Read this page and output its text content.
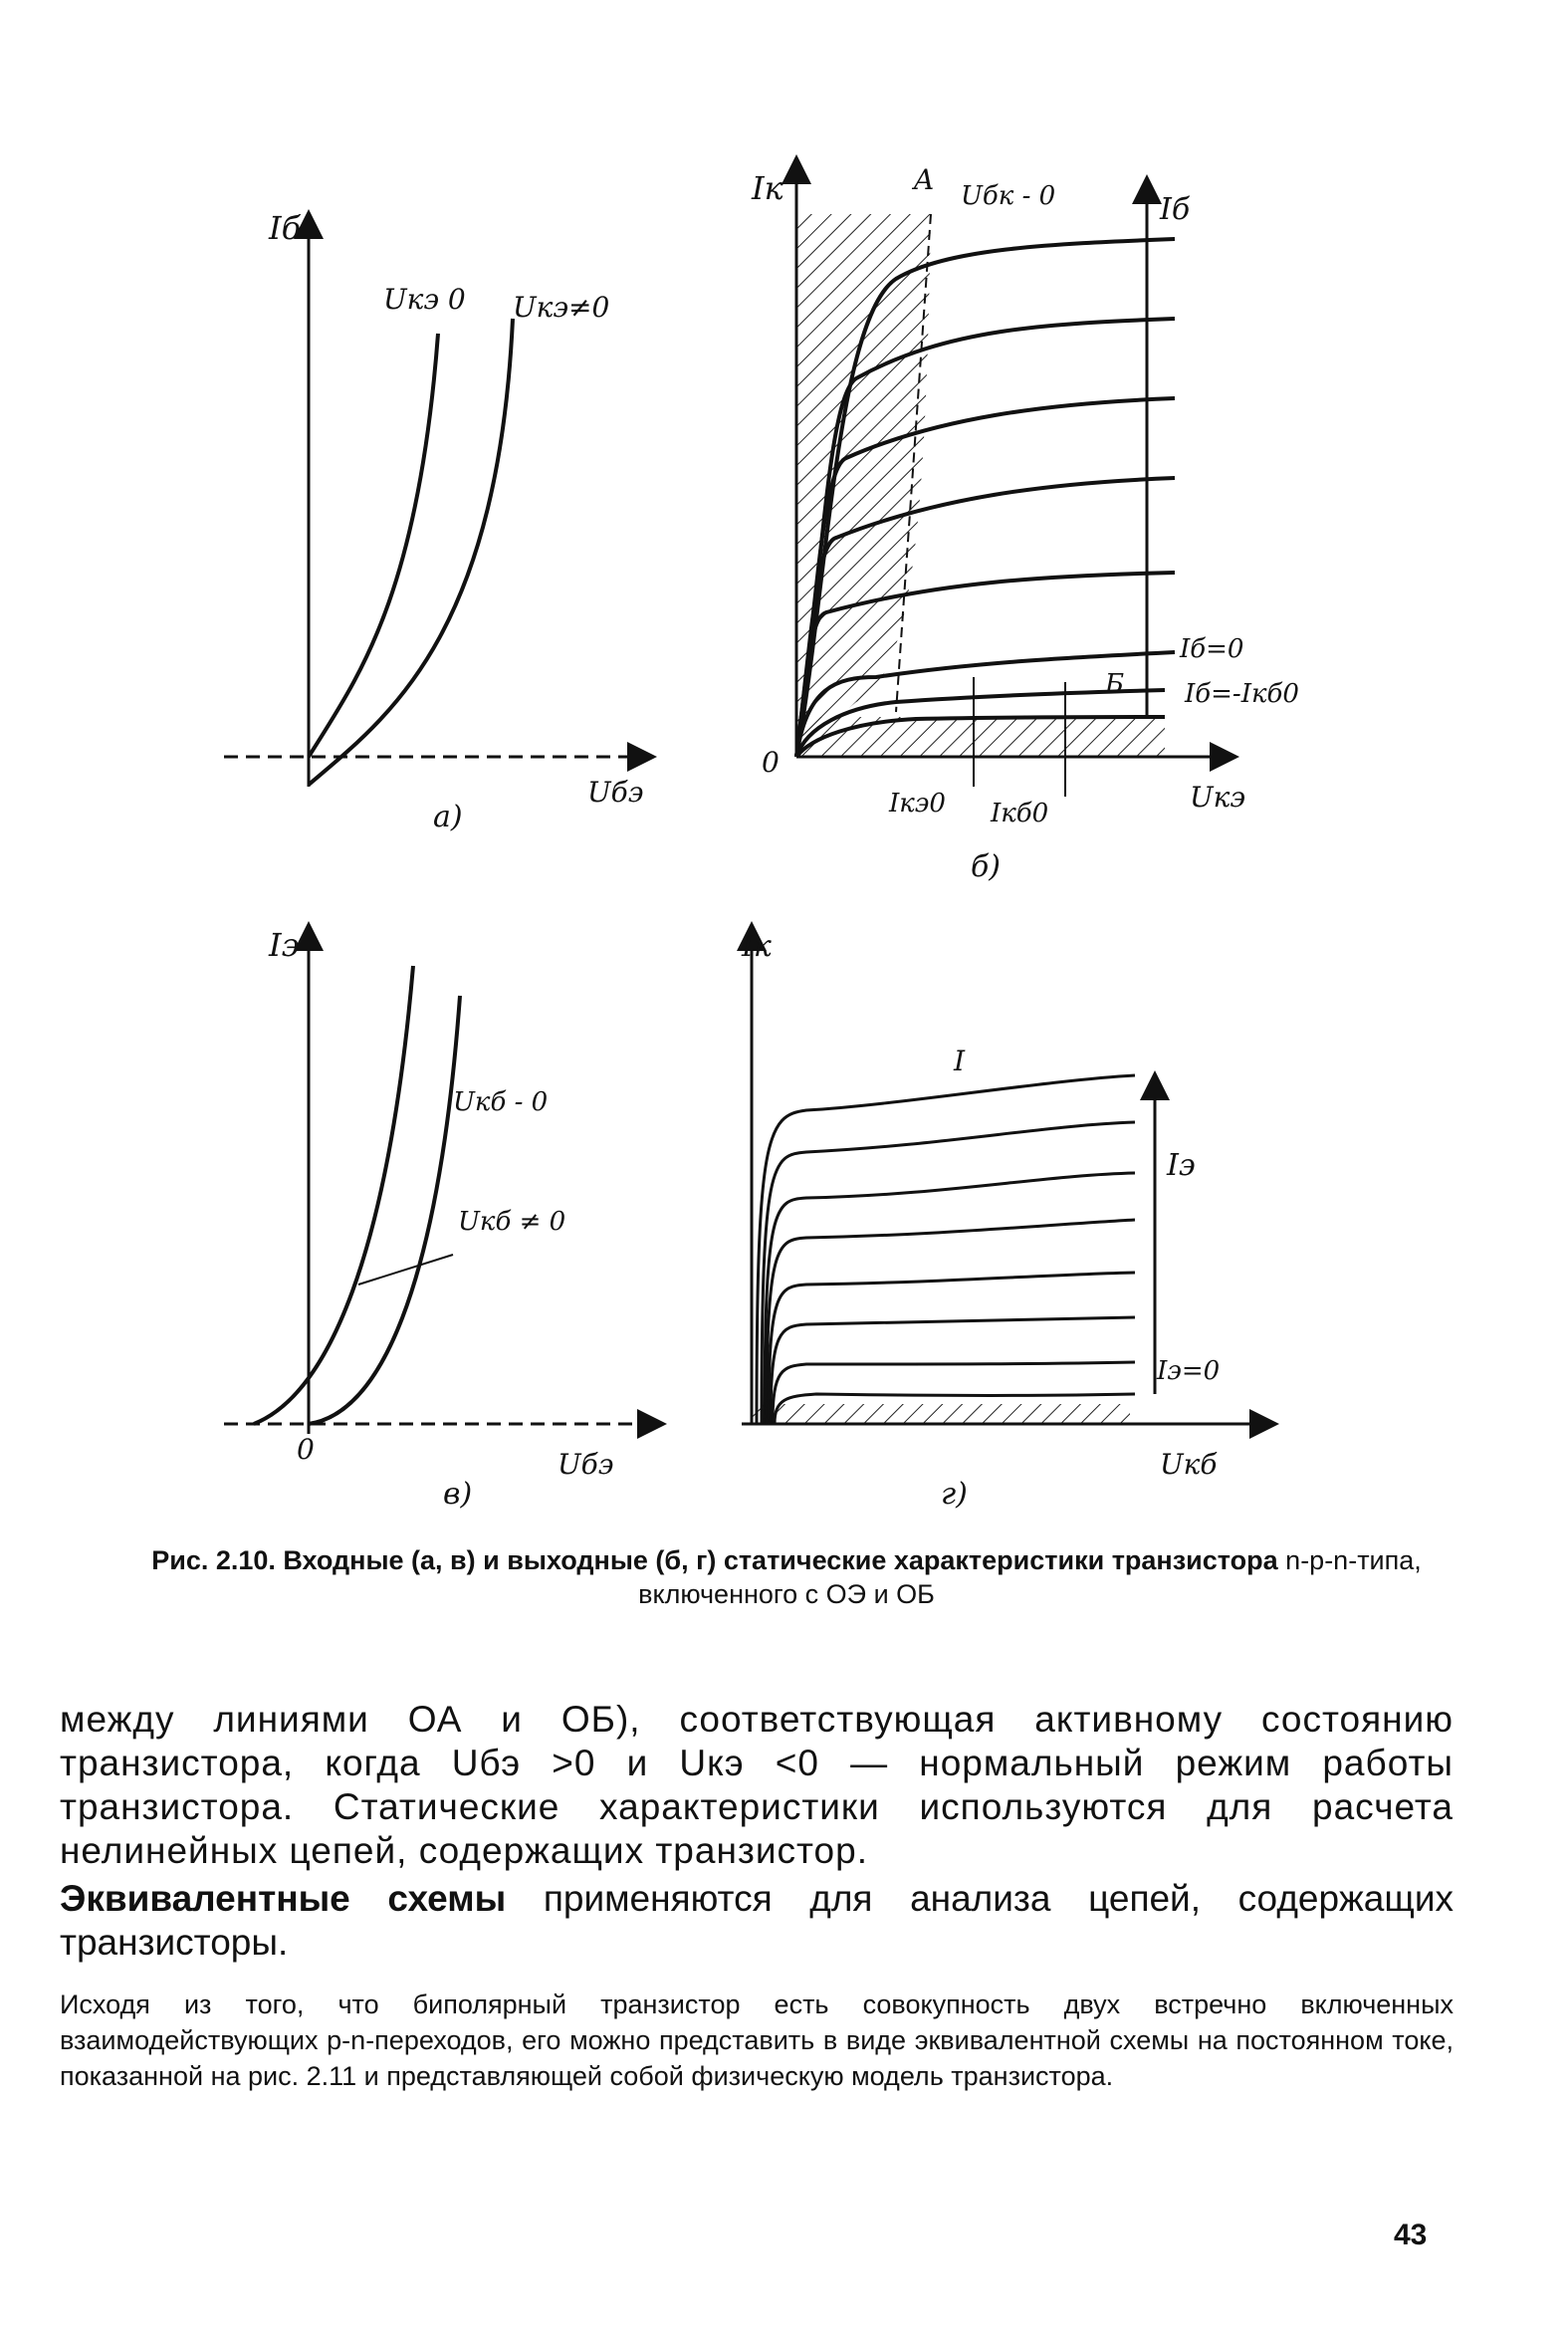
Iб
Uкэ 0 Uкэ≠0
Uбэ
а)
Iк	A Uбк - 0	Iб
0
Iб=0
Б Iб=-Iкб0
Iкэ0 Iкб0	Uкэ
б)
Iэ
Uкб - 0
Uкб ≠ 0
0	Uбэ
в)
Iк
I
Iэ
Iэ=0
Uкб
г)
Рис. 2.10. Входные (а, в) и выходные (б, г) статические характеристики транзистора n-p-n-типа, включенного с ОЭ и ОБ

между линиями ОА и ОБ), соответствующая активному состоянию транзистора, когда Uбэ >0 и Uкэ <0 — нормальный режим работы транзистора. Статические характеристики используются для расчета нелинейных цепей, содержащих транзистор.

Эквивалентные схемы применяются для анализа цепей, содержащих транзисторы.

Исходя из того, что биполярный транзистор есть совокупность двух встречно включенных взаимодействующих p-n-переходов, его можно представить в виде эквивалентной схемы на постоянном токе, показанной на рис. 2.11 и представляющей собой физическую модель транзистора.

43
